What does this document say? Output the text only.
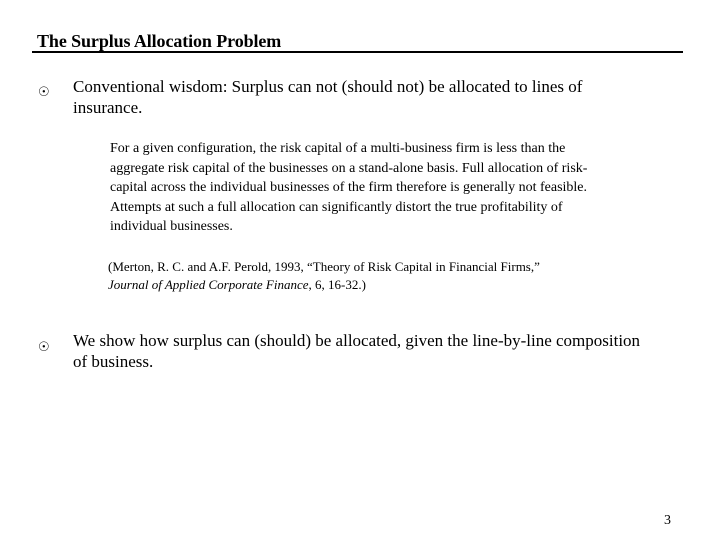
The Surplus Allocation Problem
☉ Conventional wisdom: Surplus can not (should not) be allocated to lines of
insurance.
For a given configuration, the risk capital of a multi-business firm is less than the
aggregate risk capital of the businesses on a stand-alone basis. Full allocation of risk-
capital across the individual businesses of the firm therefore is generally not feasible.
Attempts at such a full allocation can significantly distort the true profitability of
individual businesses.
(Merton, R. C. and A.F. Perold, 1993, “Theory of Risk Capital in Financial Firms,”
Journal of Applied Corporate Finance, 6, 16-32.)
☉ We show how surplus can (should) be allocated, given the line-by-line composition
of business.
3
